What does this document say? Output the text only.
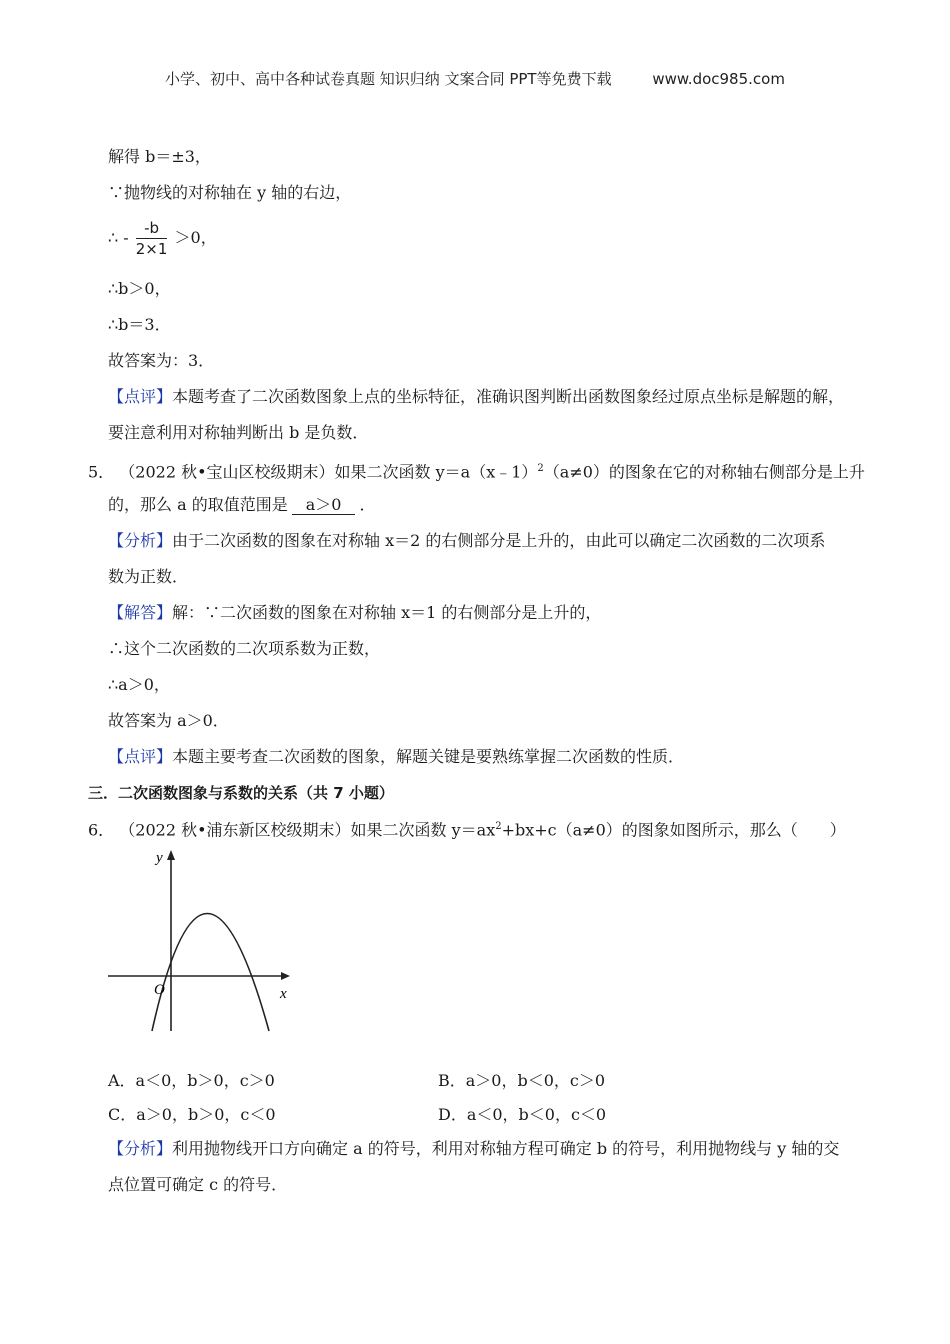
小学、初中、高中各种试卷真题 知识归纳 文案合同 PPT等免费下载	www.doc985.com
解得 b＝±3，
∵抛物线的对称轴在 y 轴的右边，
∴ - $\frac{-b}{2\times 1} >0$，
∴b＞0，
∴b＝3．
故答案为：3．
【点评】本题考查了二次函数图象上点的坐标特征，准确识图判断出函数图象经过原点坐标是解题的解，
要注意利用对称轴判断出 b 是负数．
5． （2022 秋•宝山区校级期末）如果二次函数 y＝a（x﹣1）$^2$（a≠0）的图象在它的对称轴右侧部分是上升
的，那么 a 的取值范围是 a＞0 ．
【分析】由于二次函数的图象在对称轴 x＝2 的右侧部分是上升的，由此可以确定二次函数的二次项系
数为正数．
【解答】解：∵二次函数的图象在对称轴 x＝1 的右侧部分是上升的，
∴这个二次函数的二次项系数为正数，
∴a＞0，
故答案为 a＞0．
【点评】本题主要考查二次函数的图象，解题关键是要熟练掌握二次函数的性质．
三．二次函数图象与系数的关系（共 7 小题）
6． （2022 秋•浦东新区校级期末）如果二次函数 $y=ax^2+bx+c(a\ne 0)$的图象如图所示，那么（　　）
y
x
O
A．a＜0，b＞0，c＞0	B．a＞0，b＜0，c＞0
C．a＞0，b＞0，c＜0	D．a＜0，b＜0，c＜0
【分析】利用抛物线开口方向确定 a 的符号，利用对称轴方程可确定 b 的符号，利用抛物线与 y 轴的交
点位置可确定 c 的符号．
